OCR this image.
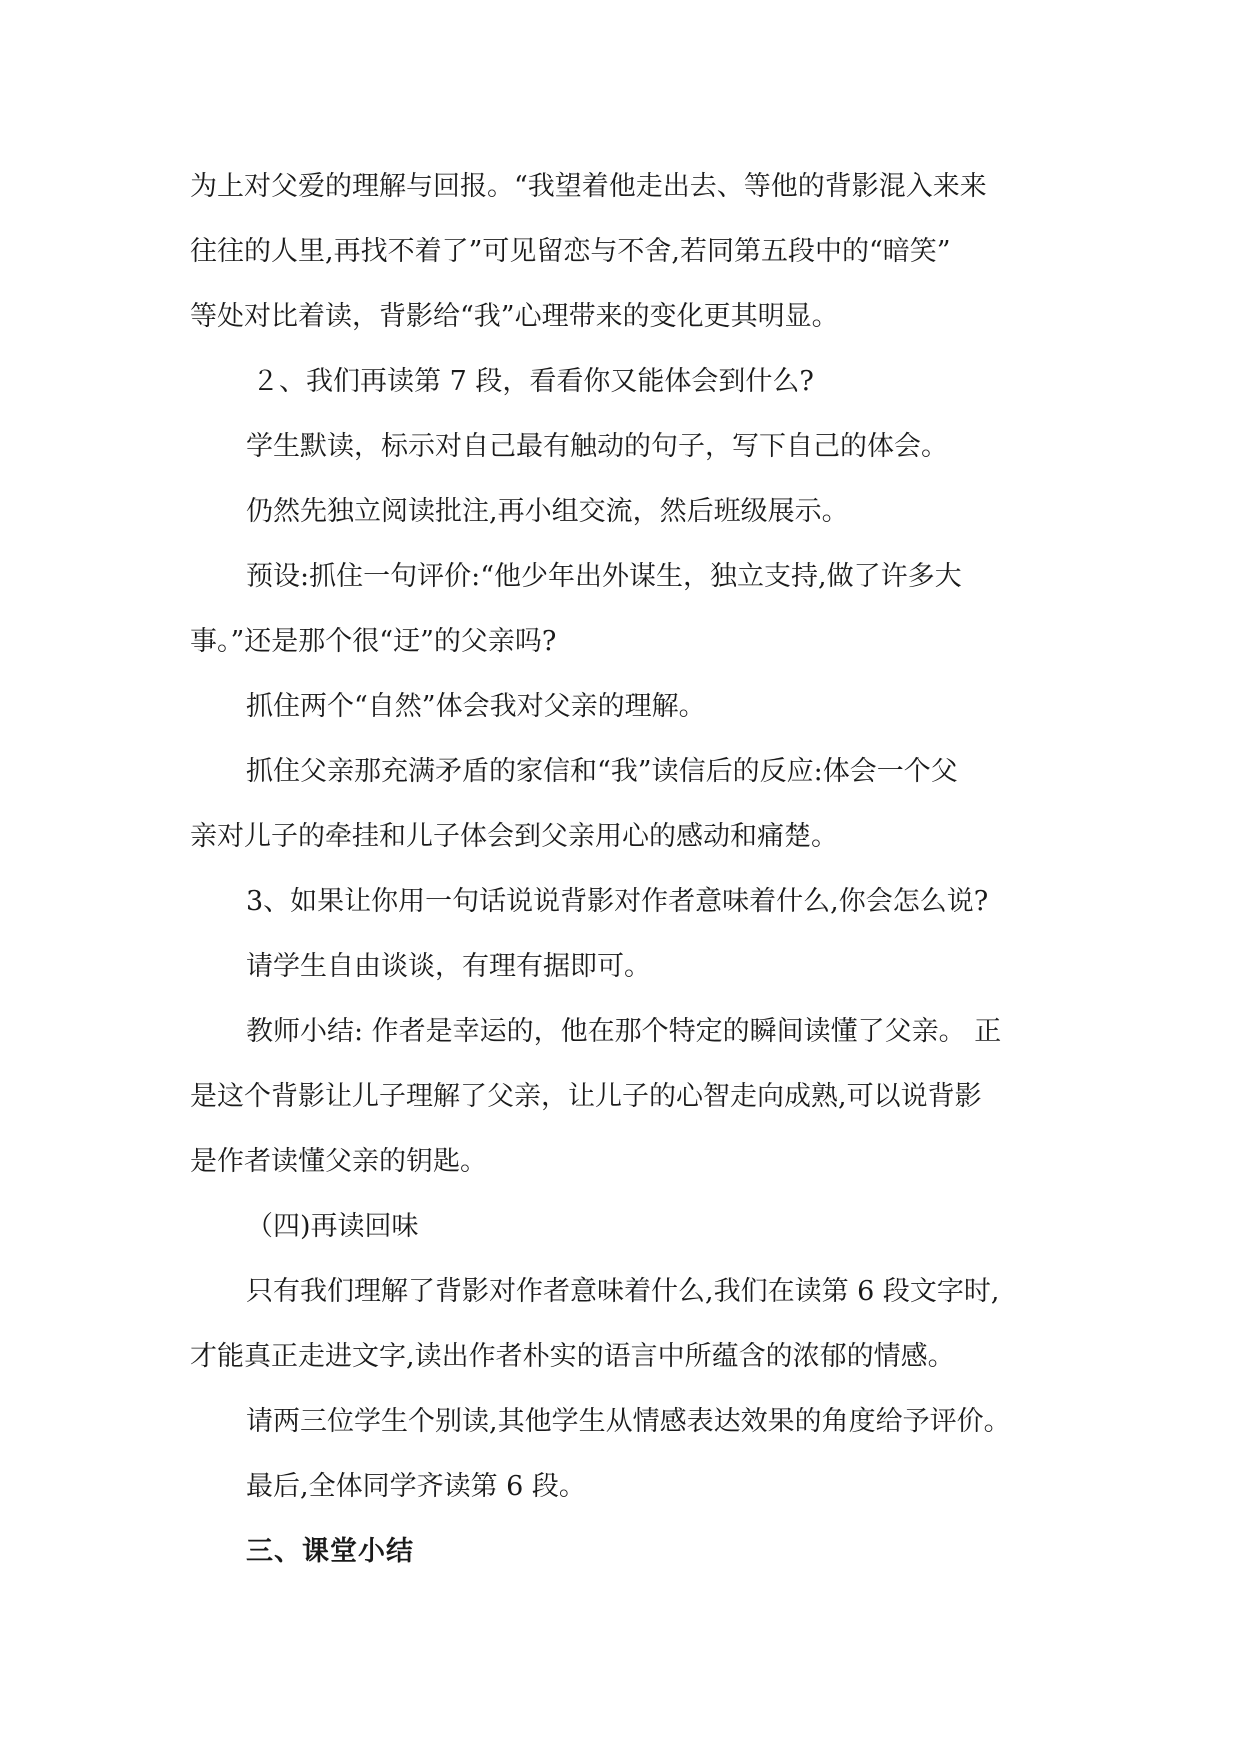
为上对父爱的理解与回报。“我望着他走出去、等他的背影混入来来
往往的人里,再找不着了”可见留恋与不舍,若同第五段中的“暗笑”
等处对比着读，背影给“我”心理带来的变化更其明显。
２、我们再读第 7 段，看看你又能体会到什么?
学生默读，标示对自己最有触动的句子，写下自己的体会。
仍然先独立阅读批注,再小组交流，然后班级展示。
预设:抓住一句评价:“他少年出外谋生，独立支持,做了许多大
事。”还是那个很“迂”的父亲吗?
抓住两个“自然”体会我对父亲的理解。
抓住父亲那充满矛盾的家信和“我”读信后的反应:体会一个父
亲对儿子的牵挂和儿子体会到父亲用心的感动和痛楚。
3、如果让你用一句话说说背影对作者意味着什么,你会怎么说?
请学生自由谈谈，有理有据即可。
教师小结: 作者是幸运的，他在那个特定的瞬间读懂了父亲。 正
是这个背影让儿子理解了父亲，让儿子的心智走向成熟,可以说背影
是作者读懂父亲的钥匙。
（四)再读回味
只有我们理解了背影对作者意味着什么,我们在读第 6 段文字时,
才能真正走进文字,读出作者朴实的语言中所蕴含的浓郁的情感。
请两三位学生个别读,其他学生从情感表达效果的角度给予评价。
最后,全体同学齐读第 6 段。
三、课堂小结
